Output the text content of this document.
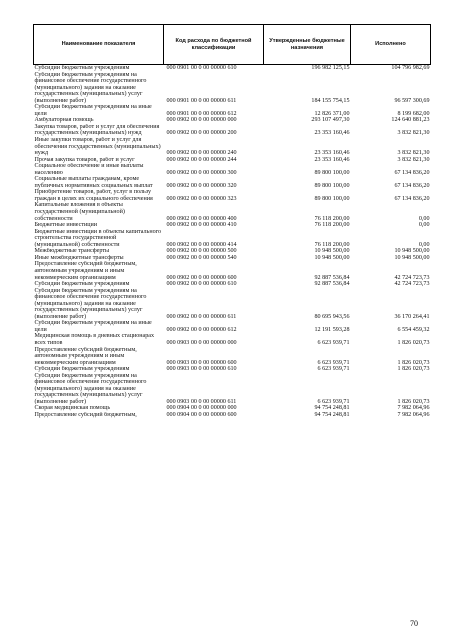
Наименование показателя	Код расхода по бюджетной классификации	Утвержденные бюджетные назначения	Исполнено
Субсидии бюджетным учреждениям	000 0901 00 0 00 00000 610	196 982 125,15	104 796 982,69
Субсидии бюджетным учреждениям на финансовое обеспечение государственного (муниципального) задания на оказание государственных (муниципальных) услуг (выполнение работ)	000 0901 00 0 00 00000 611	184 155 754,15	96 597 300,69
Субсидии бюджетным учреждениям на иные цели	000 0901 00 0 00 00000 612	12 826 371,00	8 199 682,00
Амбулаторная помощь	000 0902 00 0 00 00000 000	293 107 497,30	124 640 881,23
Закупка товаров, работ и услуг для обеспечения государственных (муниципальных) нужд	000 0902 00 0 00 00000 200	23 353 160,46	3 832 821,30
Иные закупки товаров, работ и услуг для обеспечения государственных (муниципальных) нужд	000 0902 00 0 00 00000 240	23 353 160,46	3 832 821,30
Прочая закупка товаров, работ и услуг	000 0902 00 0 00 00000 244	23 353 160,46	3 832 821,30
Социальное обеспечение и иные выплаты населению	000 0902 00 0 00 00000 300	89 800 100,00	67 134 836,20
Социальные выплаты гражданам, кроме публичных нормативных социальных выплат	000 0902 00 0 00 00000 320	89 800 100,00	67 134 836,20
Приобретение товаров, работ, услуг в пользу граждан в целях их социального обеспечения	000 0902 00 0 00 00000 323	89 800 100,00	67 134 836,20
Капитальные вложения в объекты государственной (муниципальной) собственности	000 0902 00 0 00 00000 400	76 118 200,00	0,00
Бюджетные инвестиции	000 0902 00 0 00 00000 410	76 118 200,00	0,00
Бюджетные инвестиции в объекты капитального строительства государственной (муниципальной) собственности	000 0902 00 0 00 00000 414	76 118 200,00	0,00
Межбюджетные трансферты	000 0902 00 0 00 00000 500	10 948 500,00	10 948 500,00
Иные межбюджетные трансферты	000 0902 00 0 00 00000 540	10 948 500,00	10 948 500,00
Предоставление субсидий бюджетным, автономным учреждениям и иным некоммерческим организациям	000 0902 00 0 00 00000 600	92 887 536,84	42 724 723,73
Субсидии бюджетным учреждениям	000 0902 00 0 00 00000 610	92 887 536,84	42 724 723,73
Субсидии бюджетным учреждениям на финансовое обеспечение государственного (муниципального) задания на оказание государственных (муниципальных) услуг (выполнение работ)	000 0902 00 0 00 00000 611	80 695 943,56	36 170 264,41
Субсидии бюджетным учреждениям на иные цели	000 0902 00 0 00 00000 612	12 191 593,28	6 554 459,32
Медицинская помощь в дневных стационарах всех типов	000 0903 00 0 00 00000 000	6 623 939,71	1 826 020,73
Предоставление субсидий бюджетным, автономным учреждениям и иным некоммерческим организациям	000 0903 00 0 00 00000 600	6 623 939,71	1 826 020,73
Субсидии бюджетным учреждениям	000 0903 00 0 00 00000 610	6 623 939,71	1 826 020,73
Субсидии бюджетным учреждениям на финансовое обеспечение государственного (муниципального) задания на оказание государственных (муниципальных) услуг (выполнение работ)	000 0903 00 0 00 00000 611	6 623 939,71	1 826 020,73
Скорая медицинская помощь	000 0904 00 0 00 00000 000	94 754 248,81	7 982 064,96
Предоставление субсидий бюджетным,	000 0904 00 0 00 00000 600	94 754 248,81	7 982 064,96
70
